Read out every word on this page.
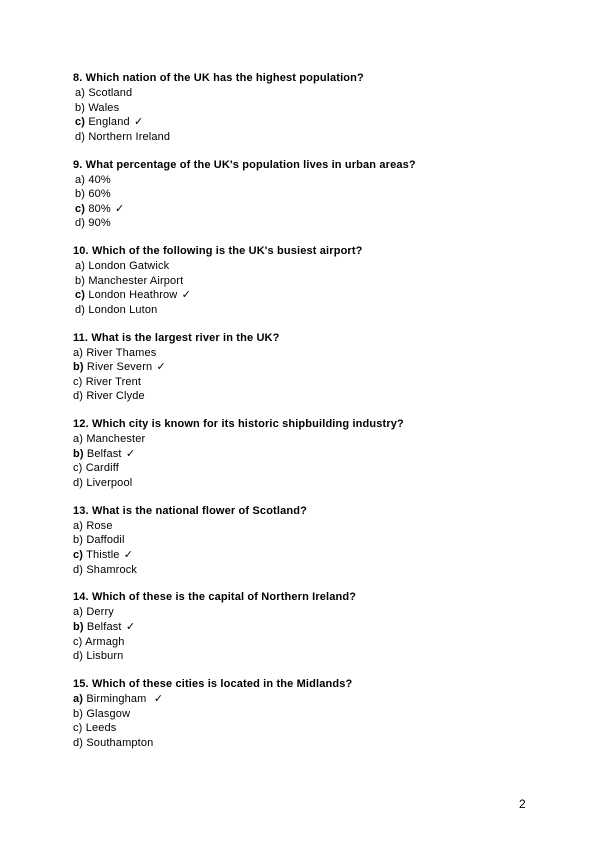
8. Which nation of the UK has the highest population?
a) Scotland
b) Wales
c) England ✓
d) Northern Ireland
9. What percentage of the UK's population lives in urban areas?
a) 40%
b) 60%
c) 80% ✓
d) 90%
10. Which of the following is the UK's busiest airport?
a) London Gatwick
b) Manchester Airport
c) London Heathrow ✓
d) London Luton
11. What is the largest river in the UK?
a) River Thames
b) River Severn ✓
c) River Trent
d) River Clyde
12. Which city is known for its historic shipbuilding industry?
a) Manchester
b) Belfast ✓
c) Cardiff
d) Liverpool
13. What is the national flower of Scotland?
a) Rose
b) Daffodil
c) Thistle ✓
d) Shamrock
14. Which of these is the capital of Northern Ireland?
a) Derry
b) Belfast ✓
c) Armagh
d) Lisburn
15. Which of these cities is located in the Midlands?
a) Birmingham ✓
b) Glasgow
c) Leeds
d) Southampton
2
